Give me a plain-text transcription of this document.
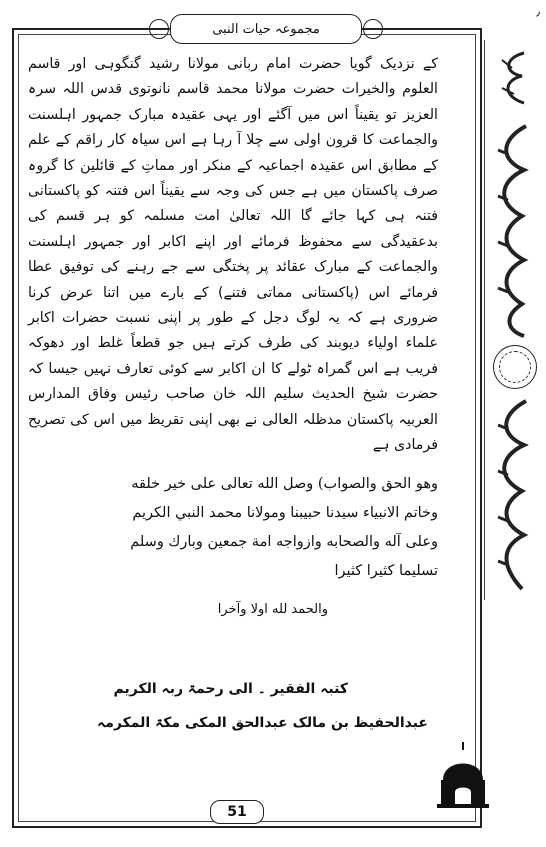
٫
مجموعہ حیات النبی

کے نزدیک گویا حضرت امام ربانی مولانا رشید گنگوہی اور قاسم العلوم والخیرات حضرت مولانا محمد قاسم نانوتوی قدس اللہ سرہ العزیز تو یقیناً اس میں آگئے اور یہی عقیدہ مبارک جمہور اہلسنت والجماعت کا قرون اولی سے چلا آ رہا ہے اس سیاہ کار راقم کے علم کے مطابق اس عقیدہ اجماعیہ کے منکر اور مماتِ کے قائلین کا گروہ صرف پاکستان میں ہے جس کی وجہ سے یقیناً اس فتنہ کو پاکستانی فتنہ ہی کہا جائے گا اللہ تعالیٰ امت مسلمہ کو ہر قسم کی بدعقیدگی سے محفوظ فرمائے اور اپنے اکابر اور جمہور اہلسنت والجماعت کے مبارک عقائد پر پختگی سے جے رہنے کی توفیق عطا فرمائے اس (پاکستانی مماتی فتنے) کے بارے میں اتنا عرض کرنا ضروری ہے کہ یہ لوگ دجل کے طور پر اپنی نسبت حضرات اکابر علماء اولیاء دیوبند کی طرف کرتے ہیں جو قطعاً غلط اور دھوکہ فریب ہے اس گمراہ ٹولے کا ان اکابر سے کوئی تعارف نہیں جیسا کہ حضرت شیخ الحدیث سلیم اللہ خان صاحب رئیس وفاق المدارس العربیہ پاکستان مدظلہ العالی نے بھی اپنی تقریظ میں اس کی تصریح فرمادی ہے

وهو الحق والصواب) وصل الله تعالى على خير خلقه
وخاتم الانبياء سيدنا حبيبنا ومولانا محمد النبي الكريم
وعلى آله والصحابه وازواجه امة جمعين وبارك وسلم
تسليما كثيرا كثيرا
والحمد لله اولا وآخرا
کتبہ الفقیر ۔ الی رحمۃ ربہ الکریم
عبدالحفیظ بن مالک عبدالحق المکی مکۃ المکرمہ
51
